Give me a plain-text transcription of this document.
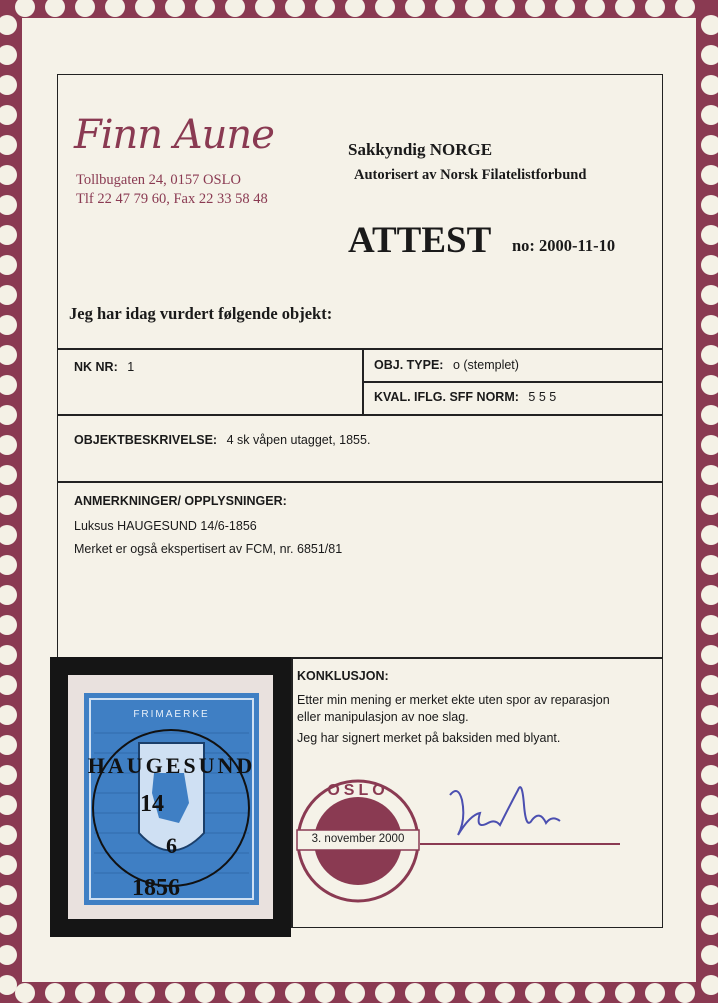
Finn Aune
Tollbugaten 24, 0157 OSLO
Tlf 22 47 79 60, Fax 22 33 58 48
Sakkyndig NORGE
Autorisert av Norsk Filatelistforbund
ATTEST no: 2000-11-10
Jeg har idag vurdert følgende objekt:
NK NR: 1	OBJ. TYPE: o (stemplet)
KVAL. IFLG. SFF NORM: 5 5 5
OBJEKTBESKRIVELSE: 4 sk våpen utagget, 1855.
ANMERKNINGER/ OPPLYSNINGER:
Luksus HAUGESUND 14/6-1856
Merket er også ekspertisert av FCM, nr. 6851/81
KONKLUSJON:
Etter min mening er merket ekte uten spor av reparasjon
eller manipulasjon av noe slag.
Jeg har signert merket på baksiden med blyant.
FRIMAERKE
HAUGESUND
14
6
1856
OSLO
3. november 2000
